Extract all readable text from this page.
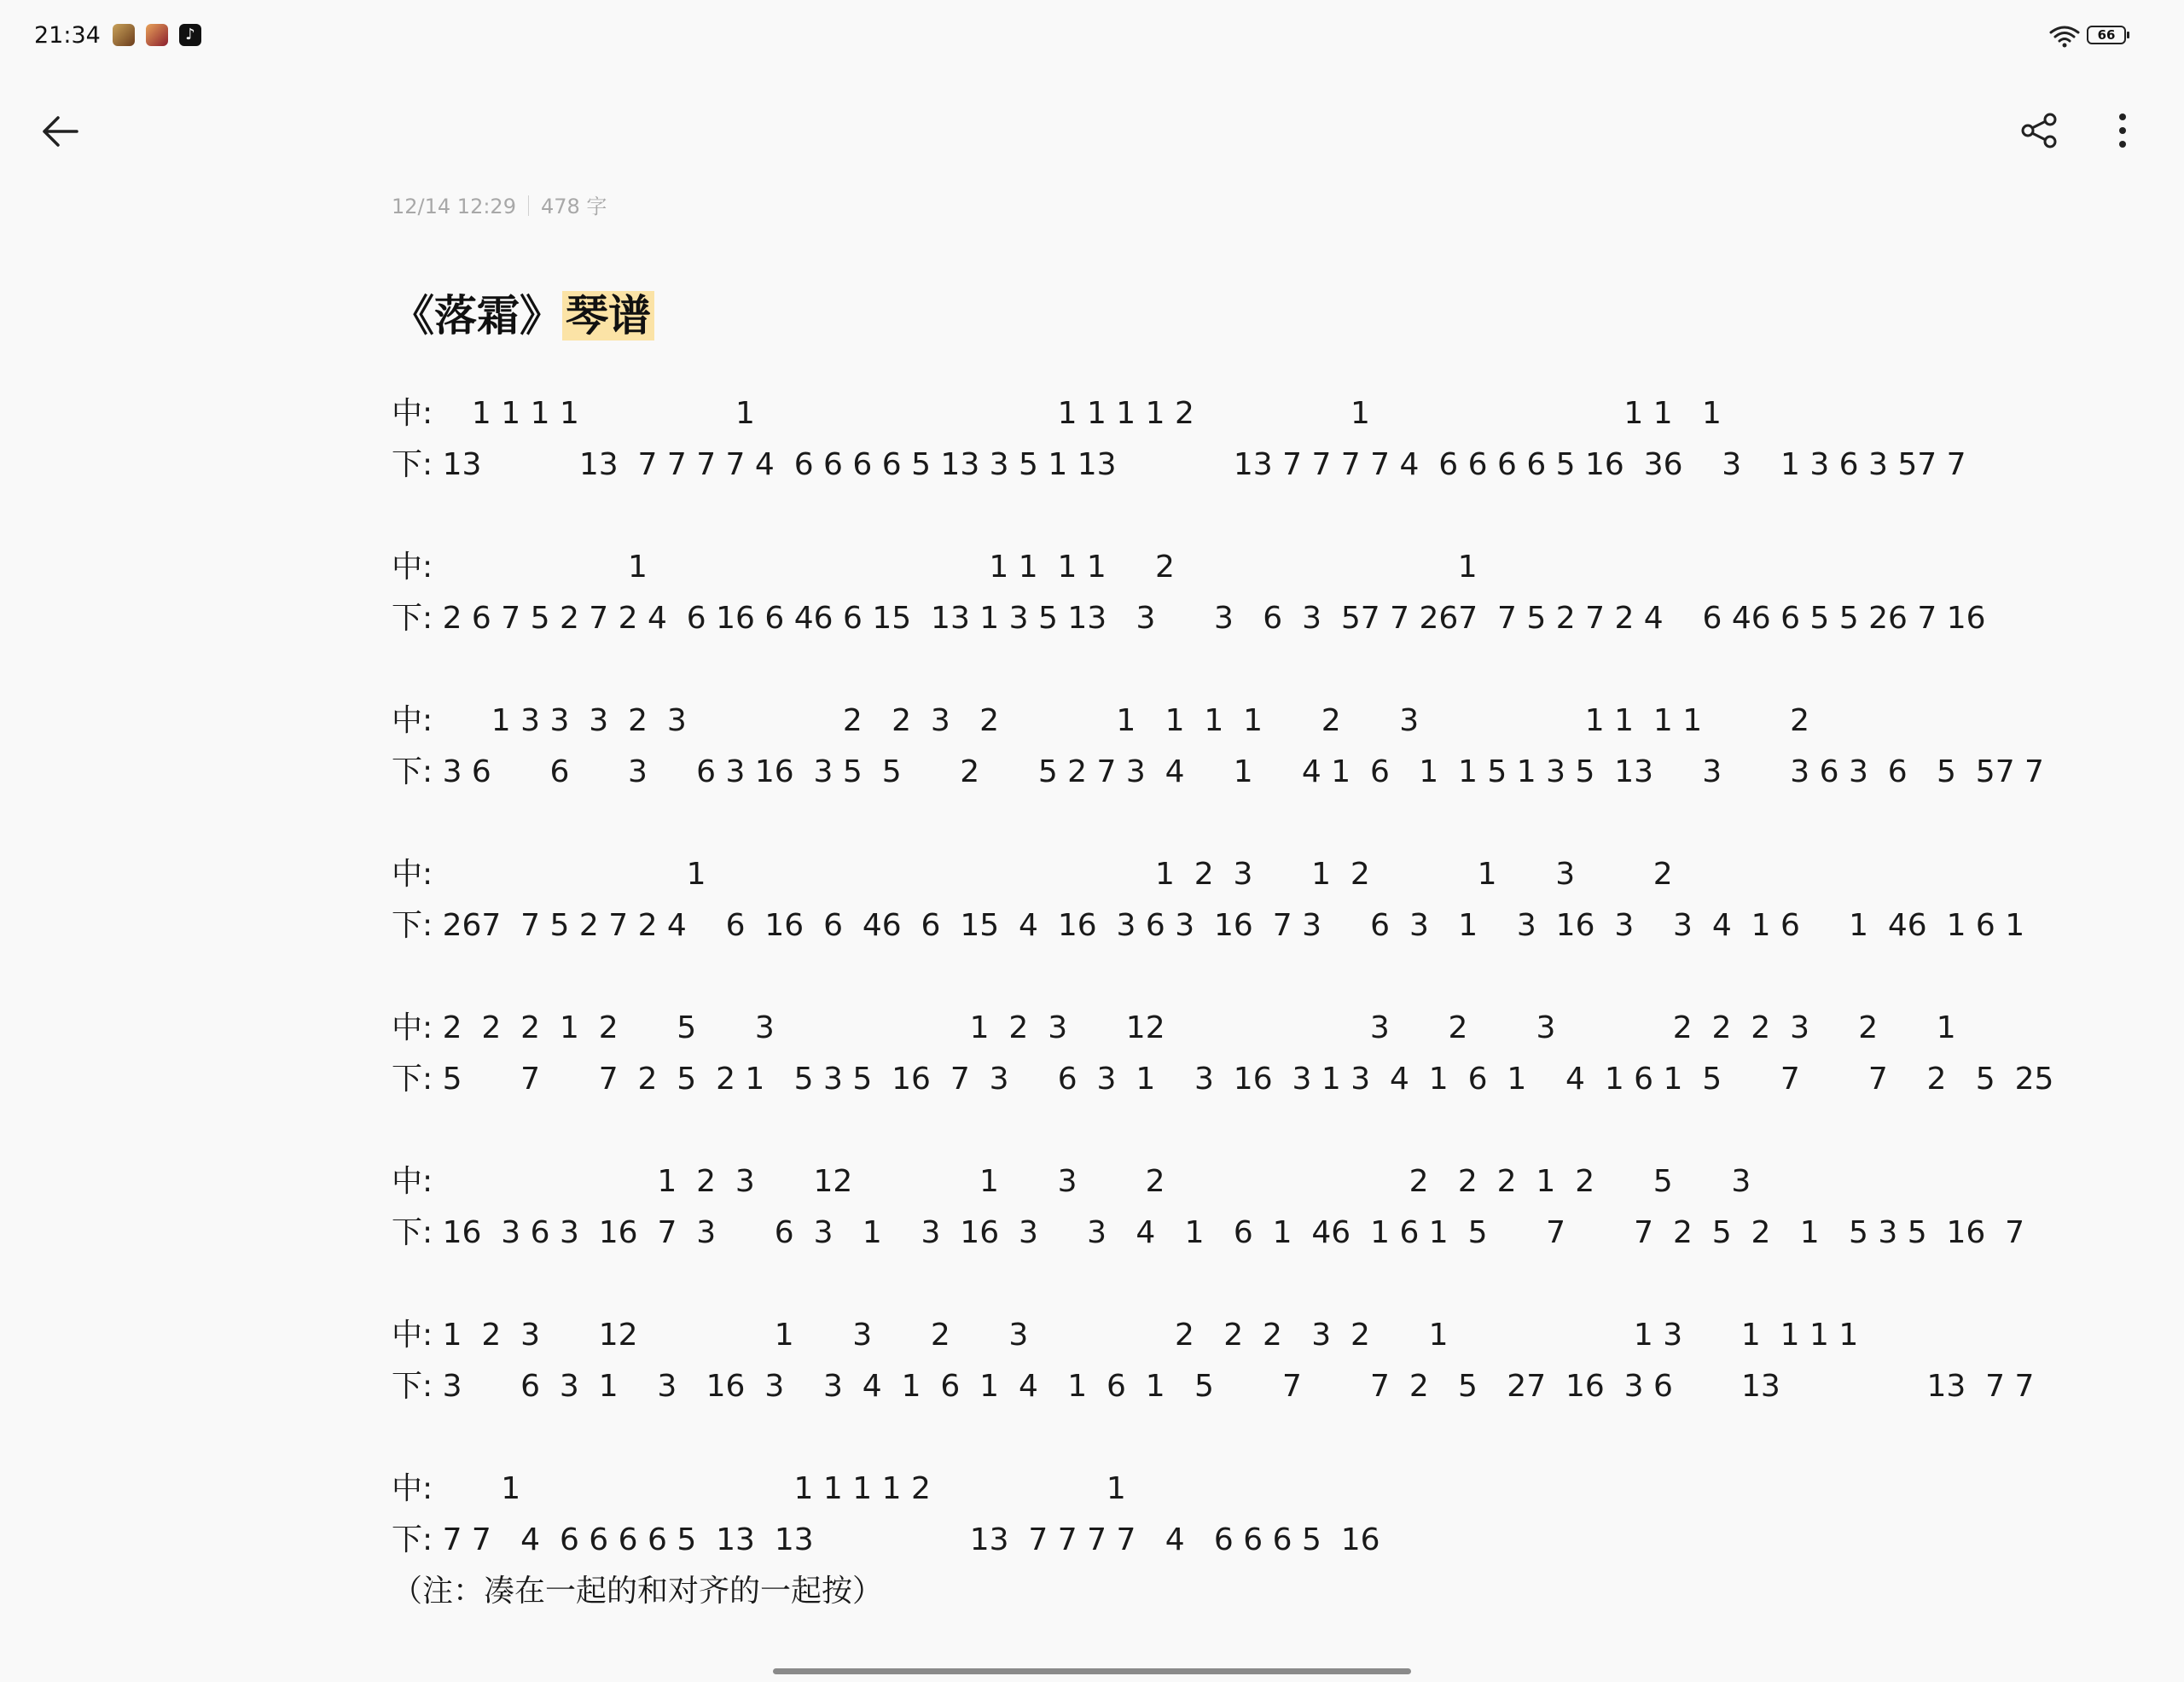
21:34	♪	66
12/14 12:29 478 字
《落霜》琴谱
中:    1 1 1 1                1                               1 1 1 1 2                1                          1 1   1
下: 13          13  7 7 7 7 4  6 6 6 6 5 13 3 5 1 13            13 7 7 7 7 4  6 6 6 6 5 16  36    3    1 3 6 3 57 7
中:                    1                                   1 1  1 1     2                             1
下: 2 6 7 5 2 7 2 4  6 16 6 46 6 15  13 1 3 5 13   3      3   6  3  57 7 267  7 5 2 7 2 4    6 46 6 5 5 26 7 16
中:      1 3 3  3  2  3                2   2  3   2            1   1  1  1      2      3                 1 1  1 1         2
下: 3 6      6      3     6 3 16  3 5  5      2      5 2 7 3  4     1     4 1  6   1  1 5 1 3 5  13     3       3 6 3  6   5  57 7
中:                          1                                              1  2  3      1  2           1      3        2
下: 267  7 5 2 7 2 4    6  16  6  46  6  15  4  16  3 6 3  16  7 3     6  3   1    3  16  3    3  4  1 6     1  46  1 6 1
中: 2  2  2  1  2      5      3                    1  2  3      12                     3      2       3            2  2  2  3     2      1
下: 5      7      7  2  5  2 1   5 3 5  16  7  3     6  3  1    3  16  3 1 3  4  1  6  1    4  1 6 1  5      7       7    2   5  25
中:                       1  2  3      12             1      3       2                         2   2  2  1  2      5      3
下: 16  3 6 3  16  7  3      6  3   1    3  16  3     3   4   1   6  1  46  1 6 1  5      7       7  2  5  2   1   5 3 5  16  7
中: 1  2  3      12              1      3      2      3               2   2  2   3  2      1                   1 3      1  1 1 1
下: 3      6  3  1    3   16  3    3  4  1  6  1  4   1  6  1   5       7       7  2   5   27  16  3 6       13               13  7 7
中:       1                            1 1 1 1 2                  1
下: 7 7   4  6 6 6 6 5  13  13                13  7 7 7 7   4   6 6 6 5  16
（注：凑在一起的和对齐的一起按）
